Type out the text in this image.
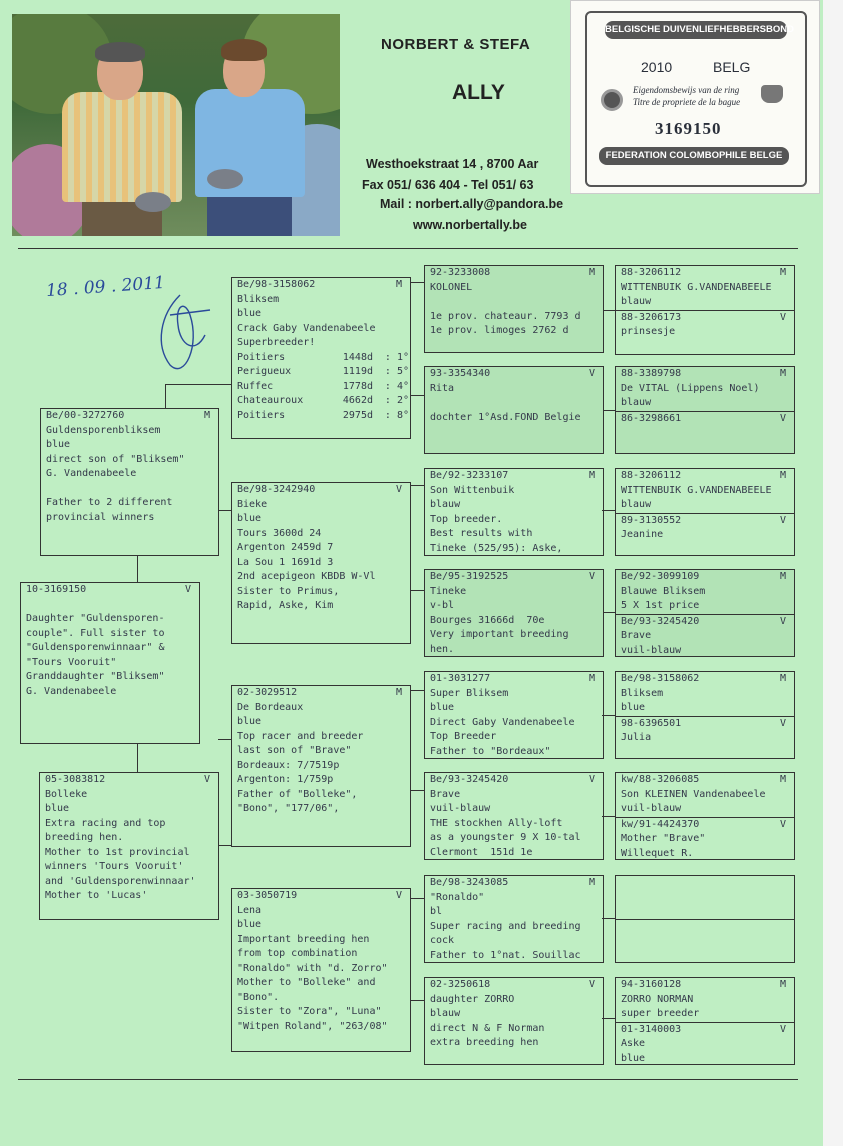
NORBERT & STEFA
ALLY
Westhoekstraat 14 , 8700 Aar
Fax 051/ 636 404 - Tel 051/ 63
Mail : norbert.ally@pandora.be
www.norbertally.be
BELGISCHE DUIVENLIEFHEBBERSBOND
2010	BELG
Eigendomsbewijs van de ring
Titre de propriete de la bague
3169150
FEDERATION COLOMBOPHILE BELGE
18 . 09 . 2011
10-3169150	V
Daughter "Guldensporen-
couple". Full sister to
"Guldensporenwinnaar" &
"Tours Vooruit"
Granddaughter "Bliksem"
G. Vandenabeele
Be/00-3272760	M
Guldensporenbliksem
blue
direct son of "Bliksem"
G. Vandenabeele
Father to 2 different
provincial winners
05-3083812	V
Bolleke
blue
Extra racing and top
breeding hen.
Mother to 1st provincial
winners 'Tours Vooruit'
and 'Guldensporenwinnaar'
Mother to 'Lucas'
Be/98-3158062	M
Bliksem
blue
Crack Gaby Vandenabeele
Superbreeder!
Poitiers	1448d	: 1°
Perigueux	1119d	: 5°
Ruffec	1778d	: 4°
Chateauroux	4662d	: 2°
Poitiers	2975d	: 8°
Be/98-3242940	V
Bieke
blue
Tours 3600d 24
Argenton 2459d 7
La Sou 1 1691d 3
2nd acepigeon KBDB W-Vl
Sister to Primus,
Rapid, Aske, Kim
02-3029512	M
De Bordeaux
blue
Top racer and breeder
last son of "Brave"
Bordeaux: 7/7519p
Argenton: 1/759p
Father of "Bolleke",
"Bono", "177/06",
03-3050719	V
Lena
blue
Important breeding hen
from top combination
"Ronaldo" with "d. Zorro"
Mother to "Bolleke" and
"Bono".
Sister to "Zora", "Luna"
"Witpen Roland", "263/08"
92-3233008	M
KOLONEL
1e prov. chateaur. 7793 d
1e prov. limoges 2762 d
93-3354340	V
Rita
dochter 1°Asd.FOND Belgie
Be/92-3233107	M
Son Wittenbuik
blauw
Top breeder.
Best results with
Tineke (525/95): Aske,
Be/95-3192525	V
Tineke
v-bl
Bourges 31666d  70e
Very important breeding
hen.
01-3031277	M
Super Bliksem
blue
Direct Gaby Vandenabeele
Top Breeder
Father to "Bordeaux"
Be/93-3245420	V
Brave
vuil-blauw
THE stockhen Ally-loft
as a youngster 9 X 10-tal
Clermont  151d 1e
Be/98-3243085	M
"Ronaldo"
bl
Super racing and breeding
cock
Father to 1°nat. Souillac
02-3250618	V
daughter ZORRO
blauw
direct N & F Norman
extra breeding hen
88-3206112	M
WITTENBUIK G.VANDENABEELE
blauw
88-3206173	V
prinsesje
88-3389798	M
De VITAL (Lippens Noel)
blauw
86-3298661	V
88-3206112	M
WITTENBUIK G.VANDENABEELE
blauw
89-3130552	V
Jeanine
Be/92-3099109	M
Blauwe Bliksem
5 X 1st price
Be/93-3245420	V
Brave
vuil-blauw
Be/98-3158062	M
Bliksem
blue
98-6396501	V
Julia
kw/88-3206085	M
Son KLEINEN Vandenabeele
vuil-blauw
kw/91-4424370	V
Mother "Brave"
Willequet R.
94-3160128	M
ZORRO NORMAN
super breeder
01-3140003	V
Aske
blue
